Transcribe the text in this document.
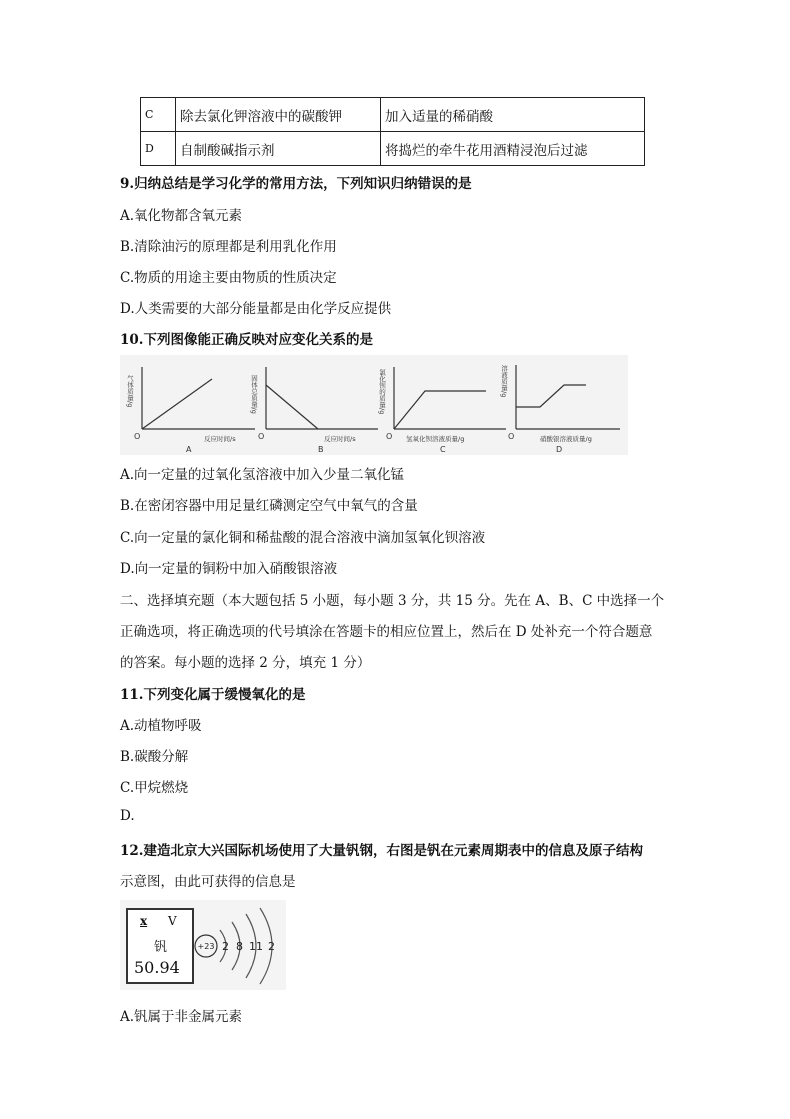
C	除去氯化钾溶液中的碳酸钾	加入适量的稀硝酸
D	自制酸碱指示剂	将捣烂的牵牛花用酒精浸泡后过滤
9.归纳总结是学习化学的常用方法，下列知识归纳错误的是
A.氧化物都含氧元素
B.清除油污的原理都是利用乳化作用
C.物质的用途主要由物质的性质决定
D.人类需要的大部分能量都是由化学反应提供
10.下列图像能正确反映对应变化关系的是
气体质量/g
反应时间/s
固体总质量/g
反应时间/s
氯化钡的质量/g
氢氧化钡溶液质量/g
溶液质量/g
硝酸银溶液质量/g
O	O	O	O
A	B	C	D
A.向一定量的过氧化氢溶液中加入少量二氧化锰
B.在密闭容器中用足量红磷测定空气中氧气的含量
C.向一定量的氯化铜和稀盐酸的混合溶液中滴加氢氧化钡溶液
D.向一定量的铜粉中加入硝酸银溶液
二、选择填充题（本大题包括 5 小题，每小题 3 分，共 15 分。先在 A、B、C 中选择一个
正确选项，将正确选项的代号填涂在答题卡的相应位置上，然后在 D 处补充一个符合题意
的答案。每小题的选择 2 分，填充 1 分）
11.下列变化属于缓慢氧化的是
A.动植物呼吸
B.碳酸分解
C.甲烷燃烧
D.
12.建造北京大兴国际机场使用了大量钒钢，右图是钒在元素周期表中的信息及原子结构
示意图，由此可获得的信息是
x V
钒
50.94
+23 2 8 11 2
A.钒属于非金属元素
